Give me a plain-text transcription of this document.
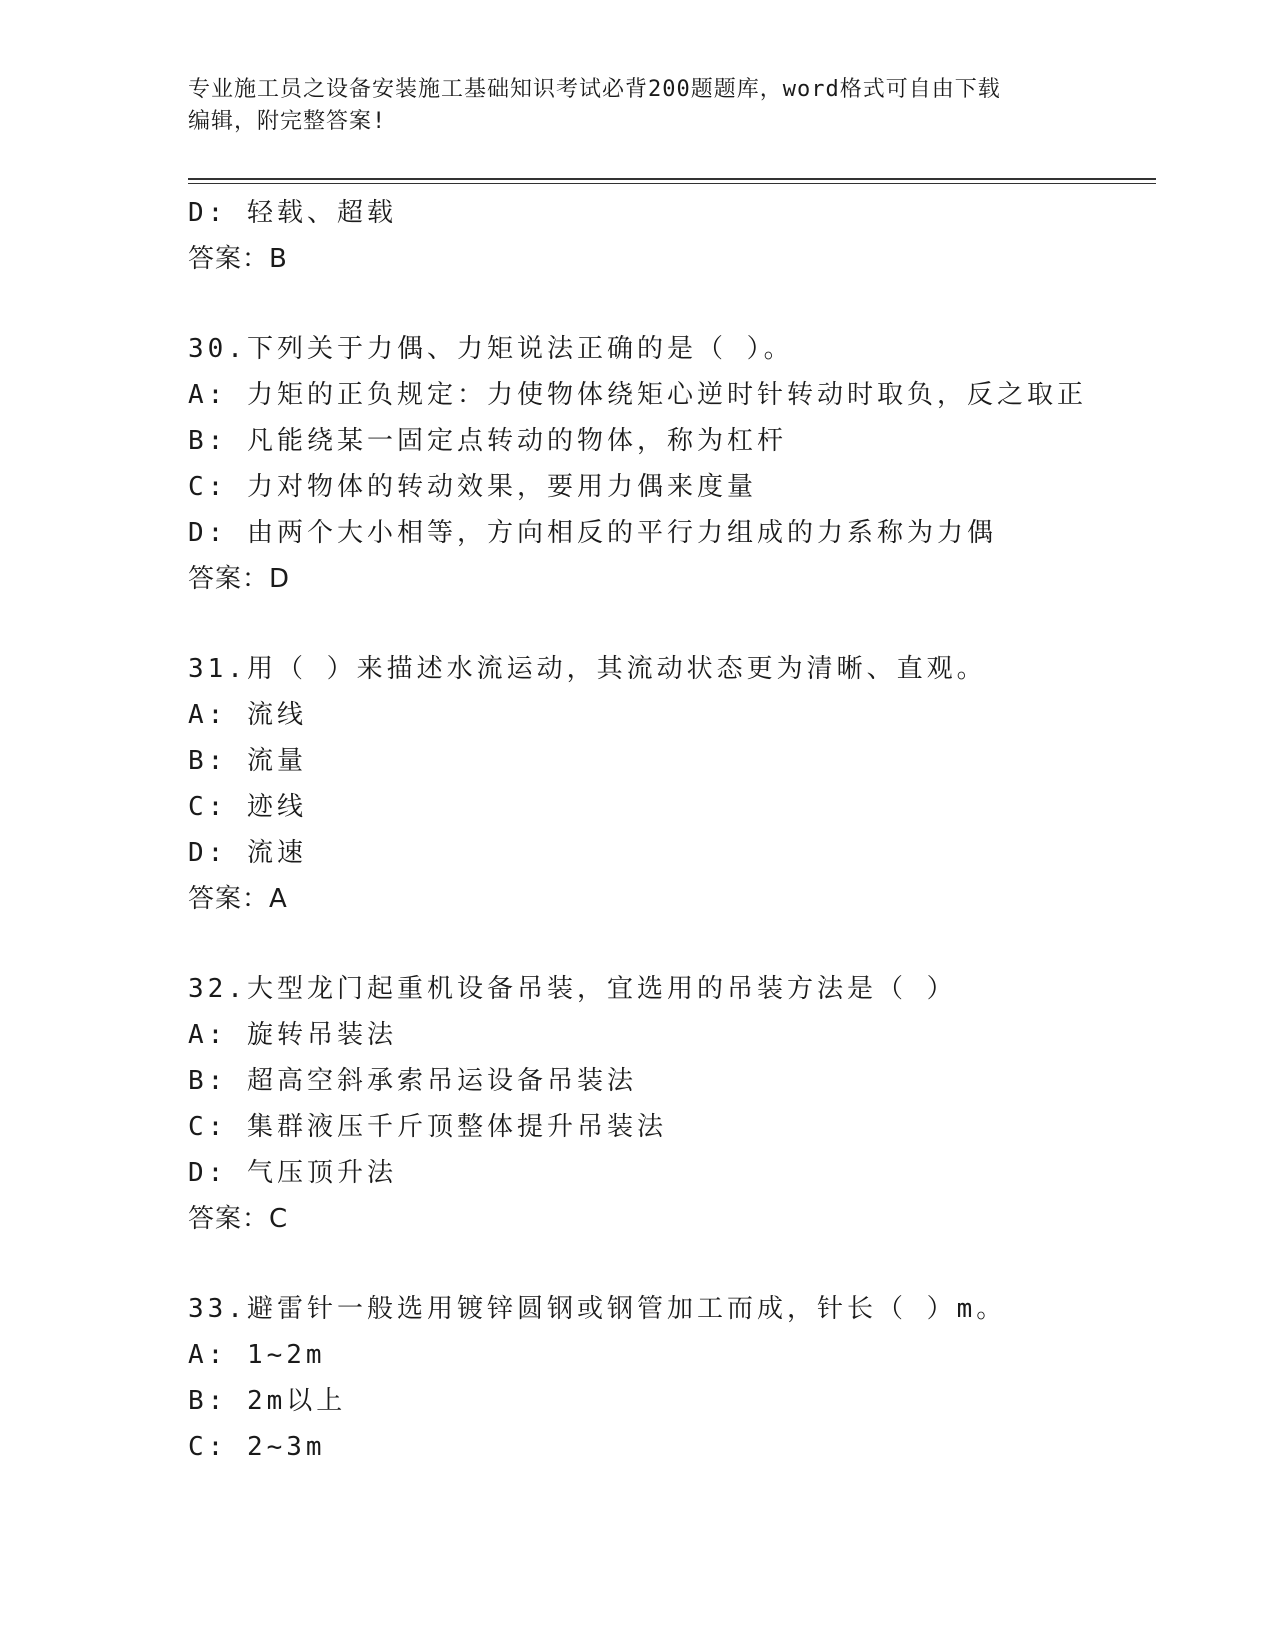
专业施工员之设备安装施工基础知识考试必背200题题库，word格式可自由下载
编辑，附完整答案!
D: 轻载、超载
答案：B
30.下列关于力偶、力矩说法正确的是（ ）。
A: 力矩的正负规定：力使物体绕矩心逆时针转动时取负，反之取正
B: 凡能绕某一固定点转动的物体，称为杠杆
C: 力对物体的转动效果，要用力偶来度量
D: 由两个大小相等，方向相反的平行力组成的力系称为力偶
答案：D
31.用（ ）来描述水流运动，其流动状态更为清晰、直观。
A: 流线
B: 流量
C: 迹线
D: 流速
答案：A
32.大型龙门起重机设备吊装，宜选用的吊装方法是（ ）
A: 旋转吊装法
B: 超高空斜承索吊运设备吊装法
C: 集群液压千斤顶整体提升吊装法
D: 气压顶升法
答案：C
33.避雷针一般选用镀锌圆钢或钢管加工而成，针长（ ）m。
A: 1~2m
B: 2m以上
C: 2~3m
